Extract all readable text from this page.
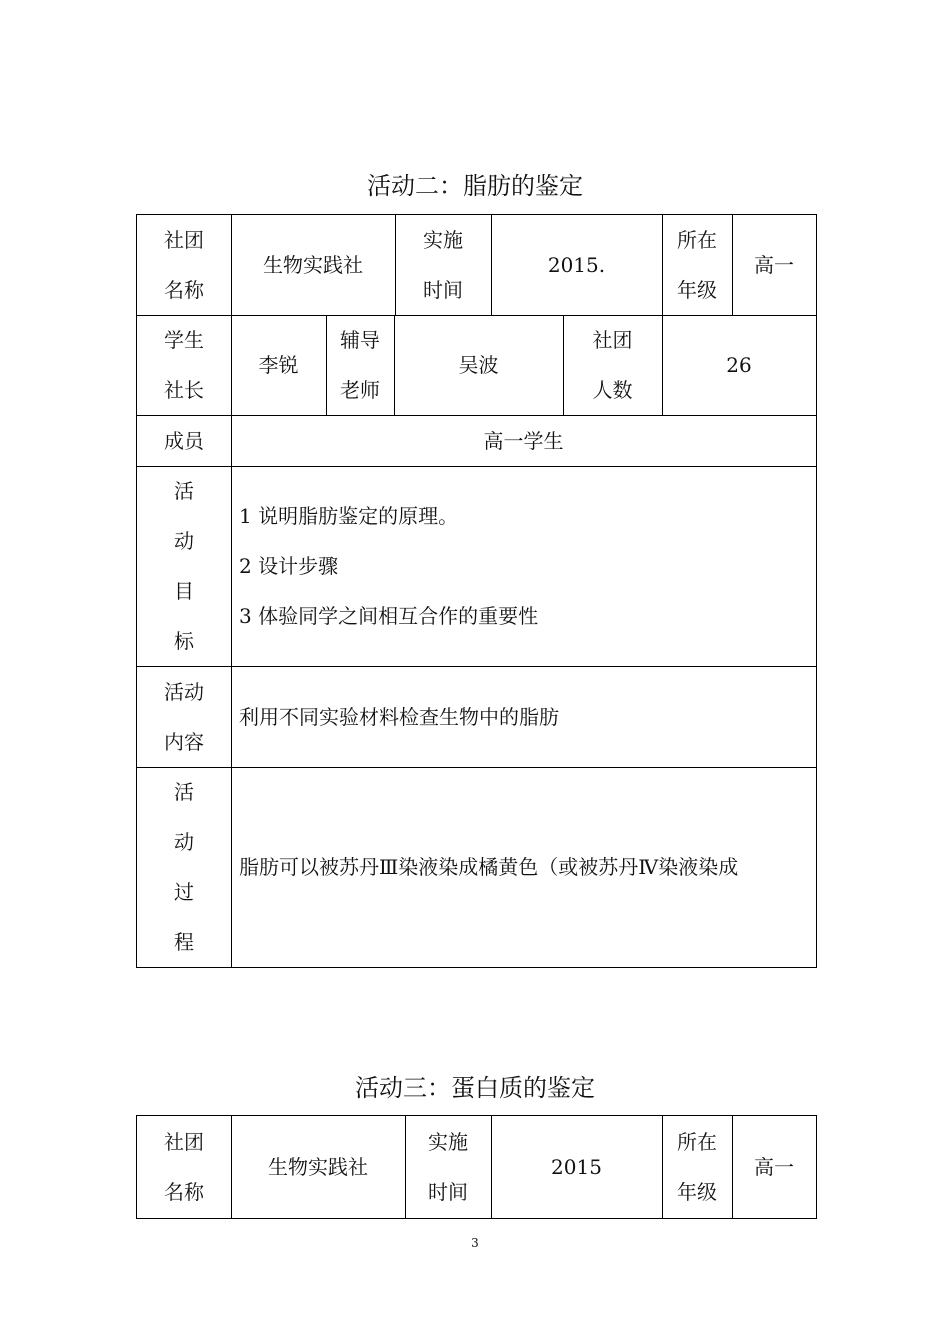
活动二：脂肪的鉴定
社团
名称
生物实践社
实施
时间
2015.
所在
年级
高一
学生
社长
李锐
辅导
老师
吴波
社团
人数
26
成员	高一学生
活
动
目
标
1 说明脂肪鉴定的原理。
2 设计步骤
3 体验同学之间相互合作的重要性
活动
内容
利用不同实验材料检查生物中的脂肪
活
动
过
程
脂肪可以被苏丹Ⅲ染液染成橘黄色（或被苏丹Ⅳ染液染成
活动三：蛋白质的鉴定
社团
名称
生物实践社
实施
时间
2015
所在
年级
高一
3
